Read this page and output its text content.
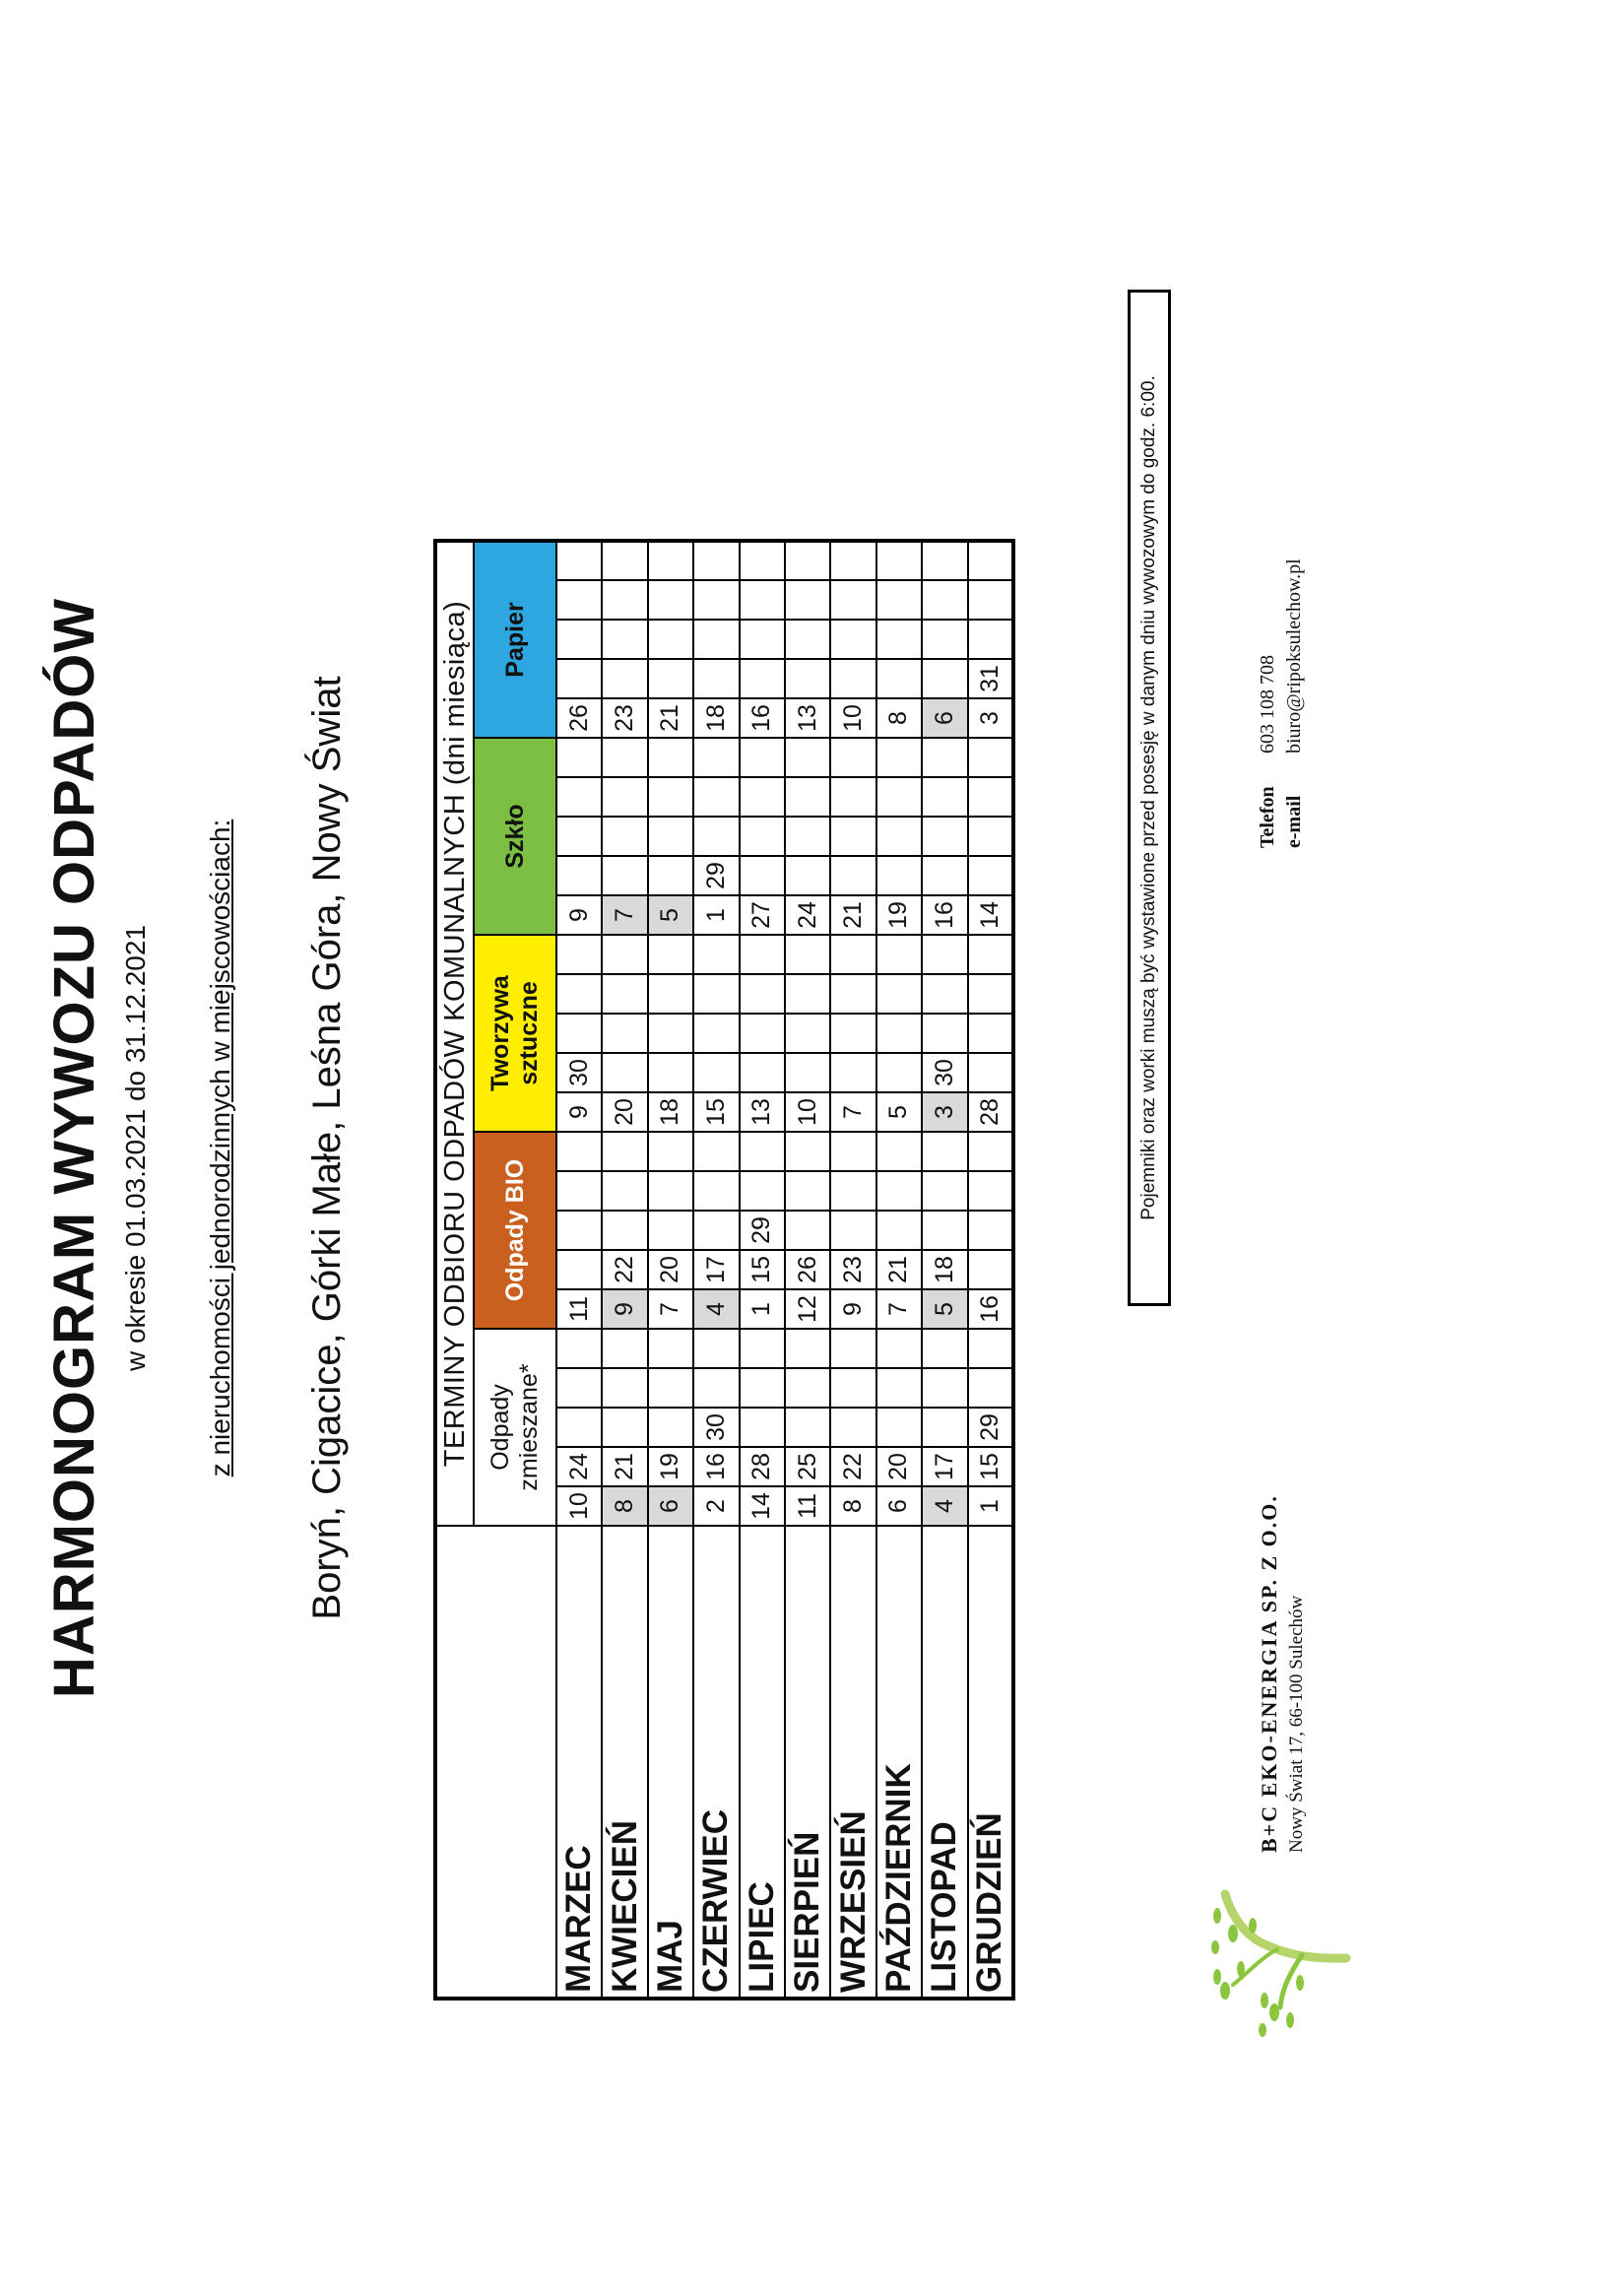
HARMONOGRAM WYWOZU ODPADÓW w okresie 01.03.2021 do 31.12.2021 z nieruchomości jednorodzinnych w miejscowościach: Boryń, Cigacice, Górki Małe, Leśna Góra, Nowy Świat
		TERMINY ODBIORU ODPADÓW KOMUNALNYCH (dni miesiąca)																								
	Odpady zmieszane*					Odpady BIO					Tworzywa sztuczne					Szkło					Papier				
MARZEC	10	24				11					9	30				9					26				
KWIECIEŃ	8	21				9	22				20					7					23				
MAJ	6	19				7	20				18					5					21				
CZERWIEC	2	16	30			4	17				15					1	29				18				
LIPIEC	14	28				1	15	29			13					27					16				
SIERPIEŃ	11	25				12	26				10					24					13				
WRZESIEŃ	8	22				9	23				7					21					10				
PAŹDZIERNIK	6	20				7	21				5					19					8				
LISTOPAD	4	17				5	18				3	30				16					6				
GRUDZIEŃ	1	15	29			16					28					14					3	31				Pojemniki oraz worki muszą być wystawione przed posesję w danym dniu wywozowym do godz. 6:00.
B+C EKO-ENERGIA SP. Z O.O. Nowy Świat 17, 66-100 Sulechów
Telefon
603 108 708
e-mail
biuro@ripoksulechow.pl
